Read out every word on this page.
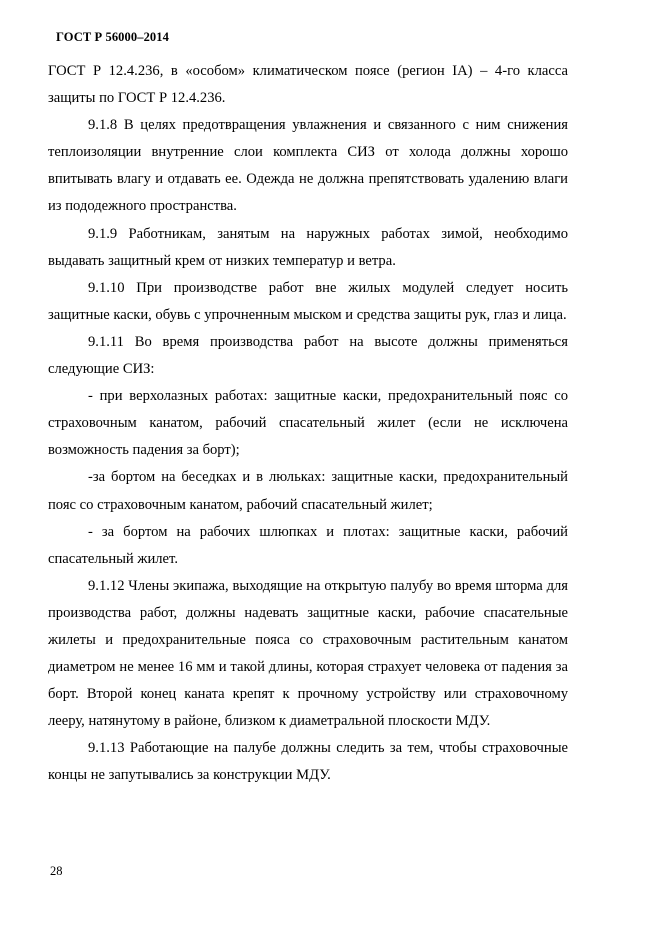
ГОСТ Р 56000–2014

ГОСТ Р 12.4.236, в «особом» климатическом поясе (регион IA) – 4-го класса защиты по ГОСТ Р 12.4.236.

9.1.8 В целях предотвращения увлажнения и связанного с ним снижения теплоизоляции внутренние слои комплекта СИЗ от холода должны хорошо впитывать влагу и отдавать ее. Одежда не должна препятствовать удалению влаги из пододежного пространства.

9.1.9 Работникам, занятым на наружных работах зимой, необходимо выдавать защитный крем от низких температур и ветра.

9.1.10 При производстве работ вне жилых модулей следует носить защитные каски, обувь с упрочненным мыском и средства защиты рук, глаз и лица.

9.1.11 Во время производства работ на высоте должны применяться следующие СИЗ:

- при верхолазных работах: защитные каски, предохранительный пояс со страховочным канатом, рабочий спасательный жилет (если не исключена возможность падения за борт);

-за бортом на беседках и в люльках: защитные каски, предохранительный пояс со страховочным канатом, рабочий спасательный жилет;

- за бортом на рабочих шлюпках и плотах: защитные каски, рабочий спасательный жилет.

9.1.12 Члены экипажа, выходящие на открытую палубу во время шторма для производства работ, должны надевать защитные каски, рабочие спасательные жилеты и предохранительные пояса со страховочным растительным канатом диаметром не менее 16 мм и такой длины, которая страхует человека от падения за борт. Второй конец каната крепят к прочному устройству или страховочному леeру, натянутому в районе, близком к диаметральной плоскости МДУ.

9.1.13 Работающие на палубе должны следить за тем, чтобы страховочные концы не запутывались за конструкции МДУ.

28
